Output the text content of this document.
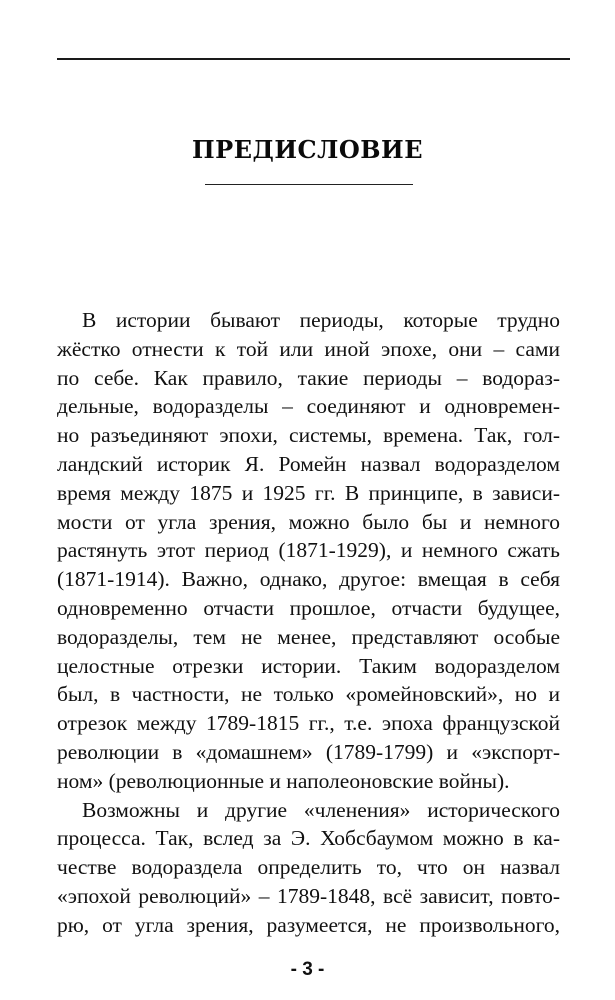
ПРЕДИСЛОВИЕ
В истории бывают периоды, которые трудно
жёстко отнести к той или иной эпохе, они – сами
по себе. Как правило, такие периоды – водораз-
дельные, водоразделы – соединяют и одновремен-
но разъединяют эпохи, системы, времена. Так, гол-
ландский историк Я. Ромейн назвал водоразделом
время между 1875 и 1925 гг. В принципе, в зависи-
мости от угла зрения, можно было бы и немного
растянуть этот период (1871-1929), и немного сжать
(1871-1914). Важно, однако, другое: вмещая в себя
одновременно отчасти прошлое, отчасти будущее,
водоразделы, тем не менее, представляют особые
целостные отрезки истории. Таким водоразделом
был, в частности, не только «ромейновский», но и
отрезок между 1789-1815 гг., т.е. эпоха французской
революции в «домашнем» (1789-1799) и «экспорт-
ном» (революционные и наполеоновские войны).
Возможны и другие «членения» исторического
процесса. Так, вслед за Э. Хобсбаумом можно в ка-
честве водораздела определить то, что он назвал
«эпохой революций» – 1789-1848, всё зависит, повто-
рю, от угла зрения, разумеется, не произвольного,
- 3 -
